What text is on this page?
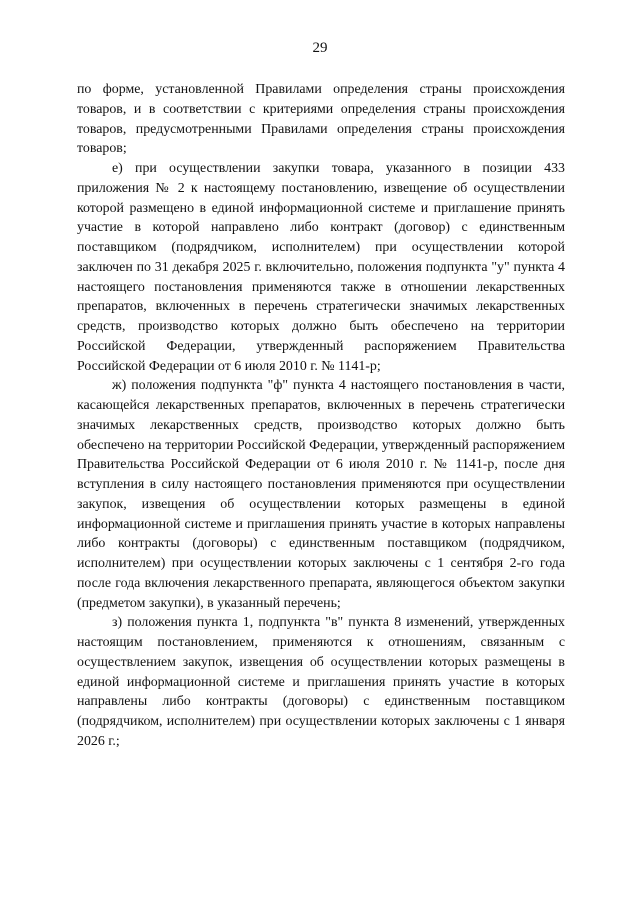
29

по форме, установленной Правилами определения страны происхождения товаров, и в соответствии с критериями определения страны происхождения товаров, предусмотренными Правилами определения страны происхождения товаров;

е) при осуществлении закупки товара, указанного в позиции 433 приложения № 2 к настоящему постановлению, извещение об осуществлении которой размещено в единой информационной системе и приглашение принять участие в которой направлено либо контракт (договор) с единственным поставщиком (подрядчиком, исполнителем) при осуществлении которой заключен по 31 декабря 2025 г. включительно, положения подпункта "у" пункта 4 настоящего постановления применяются также в отношении лекарственных препаратов, включенных в перечень стратегически значимых лекарственных средств, производство которых должно быть обеспечено на территории Российской Федерации, утвержденный распоряжением Правительства Российской Федерации от 6 июля 2010 г. № 1141-р;

ж) положения подпункта "ф" пункта 4 настоящего постановления в части, касающейся лекарственных препаратов, включенных в перечень стратегически значимых лекарственных средств, производство которых должно быть обеспечено на территории Российской Федерации, утвержденный распоряжением Правительства Российской Федерации от 6 июля 2010 г. № 1141-р, после дня вступления в силу настоящего постановления применяются при осуществлении закупок, извещения об осуществлении которых размещены в единой информационной системе и приглашения принять участие в которых направлены либо контракты (договоры) с единственным поставщиком (подрядчиком, исполнителем) при осуществлении которых заключены с 1 сентября 2-го года после года включения лекарственного препарата, являющегося объектом закупки (предметом закупки), в указанный перечень;

з) положения пункта 1, подпункта "в" пункта 8 изменений, утвержденных настоящим постановлением, применяются к отношениям, связанным с осуществлением закупок, извещения об осуществлении которых размещены в единой информационной системе и приглашения принять участие в которых направлены либо контракты (договоры) с единственным поставщиком (подрядчиком, исполнителем) при осуществлении которых заключены с 1 января 2026 г.;
